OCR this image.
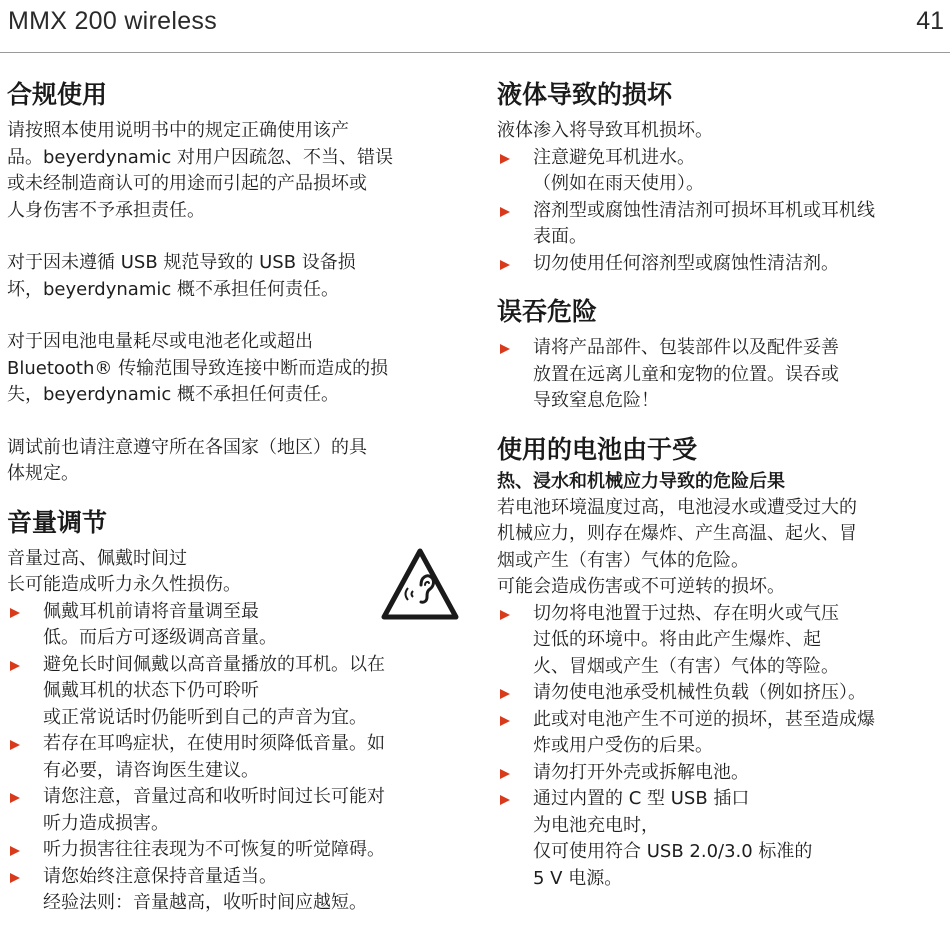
MMX 200 wireless	41
合规使用

请按照本使用说明书中的规定正确使用该产
品。beyerdynamic 对用户因疏忽、不当、错误
或未经制造商认可的用途而引起的产品损坏或
人身伤害不予承担责任。

对于因未遵循 USB 规范导致的 USB 设备损
坏，beyerdynamic 概不承担任何责任。

对于因电池电量耗尽或电池老化或超出
Bluetooth® 传输范围导致连接中断而造成的损
失，beyerdynamic 概不承担任何责任。

调试前也请注意遵守所在各国家（地区）的具
体规定。

音量调节

音量过高、佩戴时间过
长可能造成听力永久性损伤。

佩戴耳机前请将音量调至最
低。而后方可逐级调高音量。
避免长时间佩戴以高音量播放的耳机。以在
佩戴耳机的状态下仍可聆听
或正常说话时仍能听到自己的声音为宜。
若存在耳鸣症状，在使用时须降低音量。如
有必要，请咨询医生建议。
请您注意，音量过高和收听时间过长可能对
听力造成损害。
听力损害往往表现为不可恢复的听觉障碍。
请您始终注意保持音量适当。
经验法则：音量越高，收听时间应越短。
液体导致的损坏

液体渗入将导致耳机损坏。

注意避免耳机进水。
（例如在雨天使用）。
溶剂型或腐蚀性清洁剂可损坏耳机或耳机线
表面。
切勿使用任何溶剂型或腐蚀性清洁剂。
误吞危险
请将产品部件、包装部件以及配件妥善
放置在远离儿童和宠物的位置。误吞或
导致窒息危险！
使用的电池由于受
热、浸水和机械应力导致的危险后果

若电池环境温度过高，电池浸水或遭受过大的
机械应力，则存在爆炸、产生高温、起火、冒
烟或产生（有害）气体的危险。
可能会造成伤害或不可逆转的损坏。

切勿将电池置于过热、存在明火或气压
过低的环境中。将由此产生爆炸、起
火、冒烟或产生（有害）气体的等险。
请勿使电池承受机械性负载（例如挤压）。
此或对电池产生不可逆的损坏，甚至造成爆
炸或用户受伤的后果。
请勿打开外壳或拆解电池。
通过内置的 C 型 USB 插口
为电池充电时，
仅可使用符合 USB 2.0/3.0 标准的
5 V 电源。
